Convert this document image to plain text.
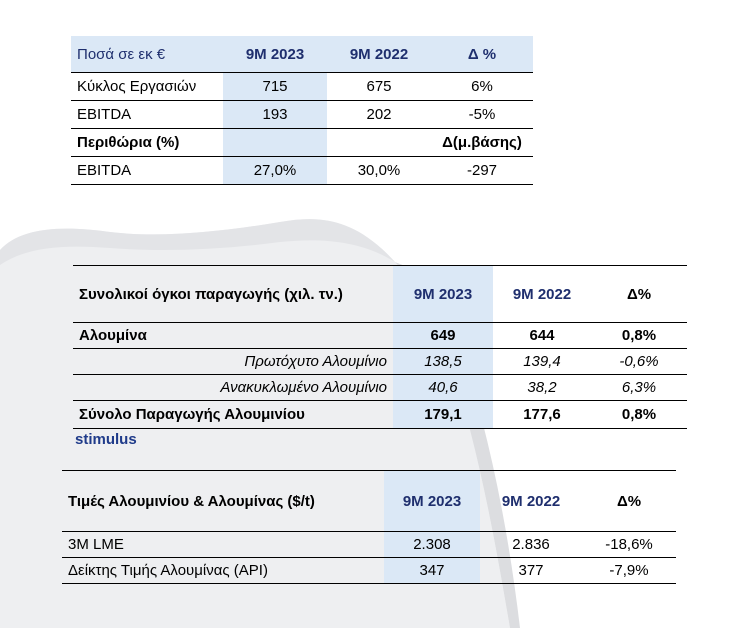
Ποσά σε εκ €	9M 2023	9M 2022	Δ %
Κύκλος Εργασιών	715	675	6%
EBITDA	193	202	-5%
Περιθώρια (%)			Δ(μ.βάσης)
EBITDA	27,0%	30,0%	-297
Συνολικοί όγκοι παραγωγής (χιλ. τν.)	9M 2023	9M 2022	Δ%
Αλουμίνα	649	644	0,8%
Πρωτόχυτο Αλουμίνιο	138,5	139,4	-0,6%
Ανακυκλωμένο Αλουμίνιο	40,6	38,2	6,3%
Σύνολο Παραγωγής Αλουμινίου	179,1	177,6	0,8%
stimulus
Τιμές Αλουμινίου & Αλουμίνας ($/t)	9M 2023	9M 2022	Δ%
3M LME	2.308	2.836	-18,6%
Δείκτης Τιμής Αλουμίνας (API)	347	377	-7,9%
